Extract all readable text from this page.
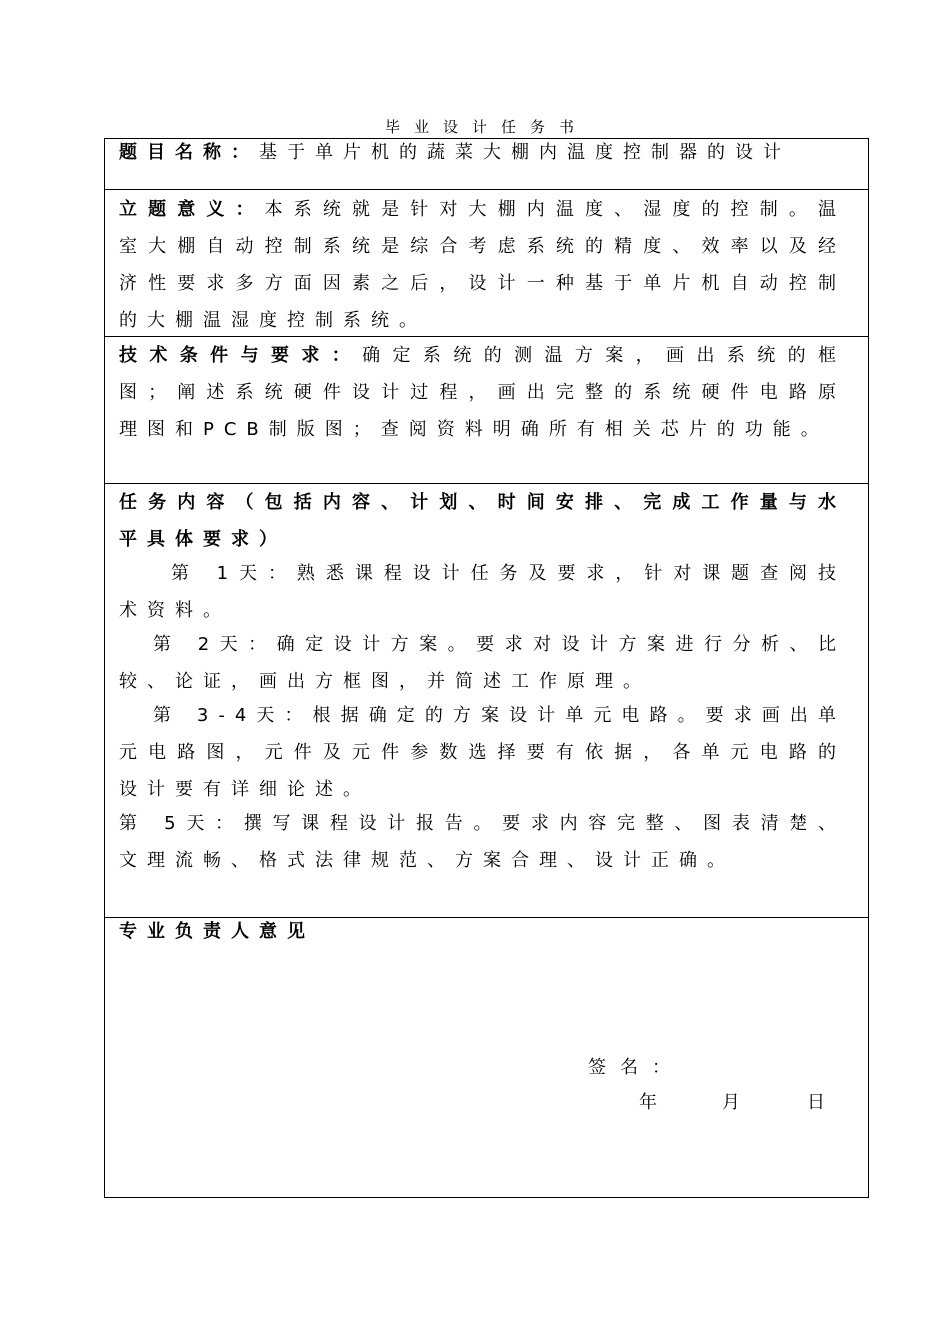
毕业设计任务书
题目名称：基于单片机的蔬菜大棚内温度控制器的设计
立题意义：本系统就是针对大棚内温度、湿度的控制。温室大棚自动控制系统是综合考虑系统的精度、效率以及经济性要求多方面因素之后，设计一种基于单片机自动控制的大棚温湿度控制系统。
技术条件与要求：确定系统的测温方案，画出系统的框图；阐述系统硬件设计过程，画出完整的系统硬件电路原理图和PCB制版图；查阅资料明确所有相关芯片的功能。
任务内容（包括内容、计划、时间安排、完成工作量与水平具体要求）
第 1天：熟悉课程设计任务及要求，针对课题查阅技术资料。
第 2天：确定设计方案。要求对设计方案进行分析、比较、论证，画出方框图，并简述工作原理。
第 3-4天：根据确定的方案设计单元电路。要求画出单元电路图，元件及元件参数选择要有依据，各单元电路的设计要有详细论述。
第 5天：撰写课程设计报告。要求内容完整、图表清楚、文理流畅、格式法律规范、方案合理、设计正确。
专业负责人意见
签名：
年	月	日
